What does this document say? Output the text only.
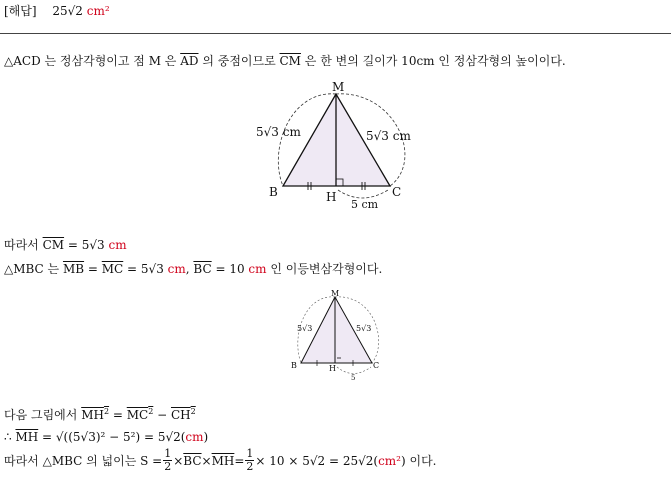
[해답] 25√2 cm²
△ACD 는 정삼각형이고 점 M 은 $\overline{AD}$ 의 중점이므로 $\overline{CM}$ 은 한 변의 길이가 10cm 인 정삼각형의 높이이다.
M
B	C
H
5√3 cm	5√3 cm
5 cm
따라서 $\overline{CM} = 5√3$ cm
△MBC 는 $\overline{MB} = \overline{MC} = 5√3$ cm, $\overline{BC} = 10$ cm 인 이등변삼각형이다.
M
B	C
H
5√3	5√3
5
다음 그림에서 $MH^2 = MC^2 - CH^2$
∴ $\overline{MH} = √((5√3)^2 - 5^2) = 5√2(cm)$
따라서 △MBC 의 넓이는 $S = \frac{1}{2} \times \overline{BC} \times \overline{MH} = \frac{1}{2} \times 10 \times 5√2 = 25√2$( cm² ) 이다.
